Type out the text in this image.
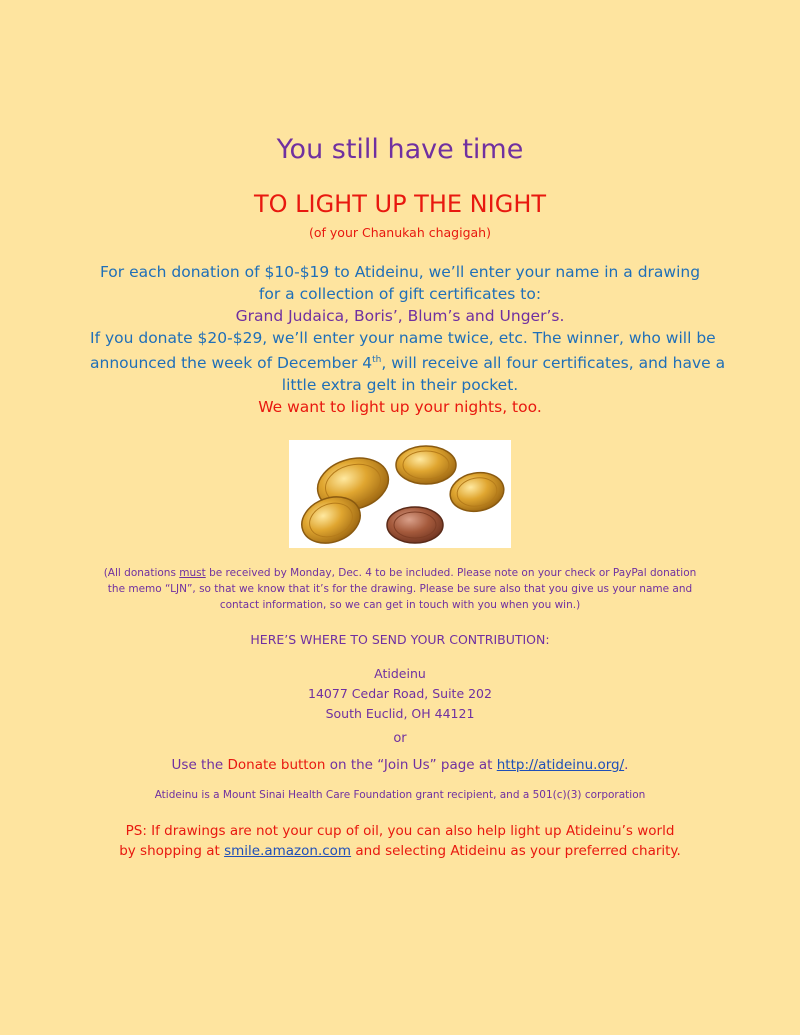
You still have time
TO LIGHT UP THE NIGHT
(of your Chanukah chagigah)
For each donation of $10-$19 to Atideinu, we’ll enter your name in a drawing
for a collection of gift certificates to:
Grand Judaica, Boris’, Blum’s and Unger’s.
If you donate $20-$29, we’ll enter your name twice, etc. The winner, who will be
announced the week of December 4th, will receive all four certificates, and have a
little extra gelt in their pocket.
We want to light up your nights, too.
(All donations must be received by Monday, Dec. 4 to be included. Please note on your check or PayPal donation
the memo “LJN”, so that we know that it’s for the drawing. Please be sure also that you give us your name and
contact information, so we can get in touch with you when you win.)
HERE’S WHERE TO SEND YOUR CONTRIBUTION:
Atideinu
14077 Cedar Road, Suite 202
South Euclid, OH 44121
or
Use the Donate button on the “Join Us” page at http://atideinu.org/.
Atideinu is a Mount Sinai Health Care Foundation grant recipient, and a 501(c)(3) corporation
PS: If drawings are not your cup of oil, you can also help light up Atideinu’s world
by shopping at smile.amazon.com and selecting Atideinu as your preferred charity.
